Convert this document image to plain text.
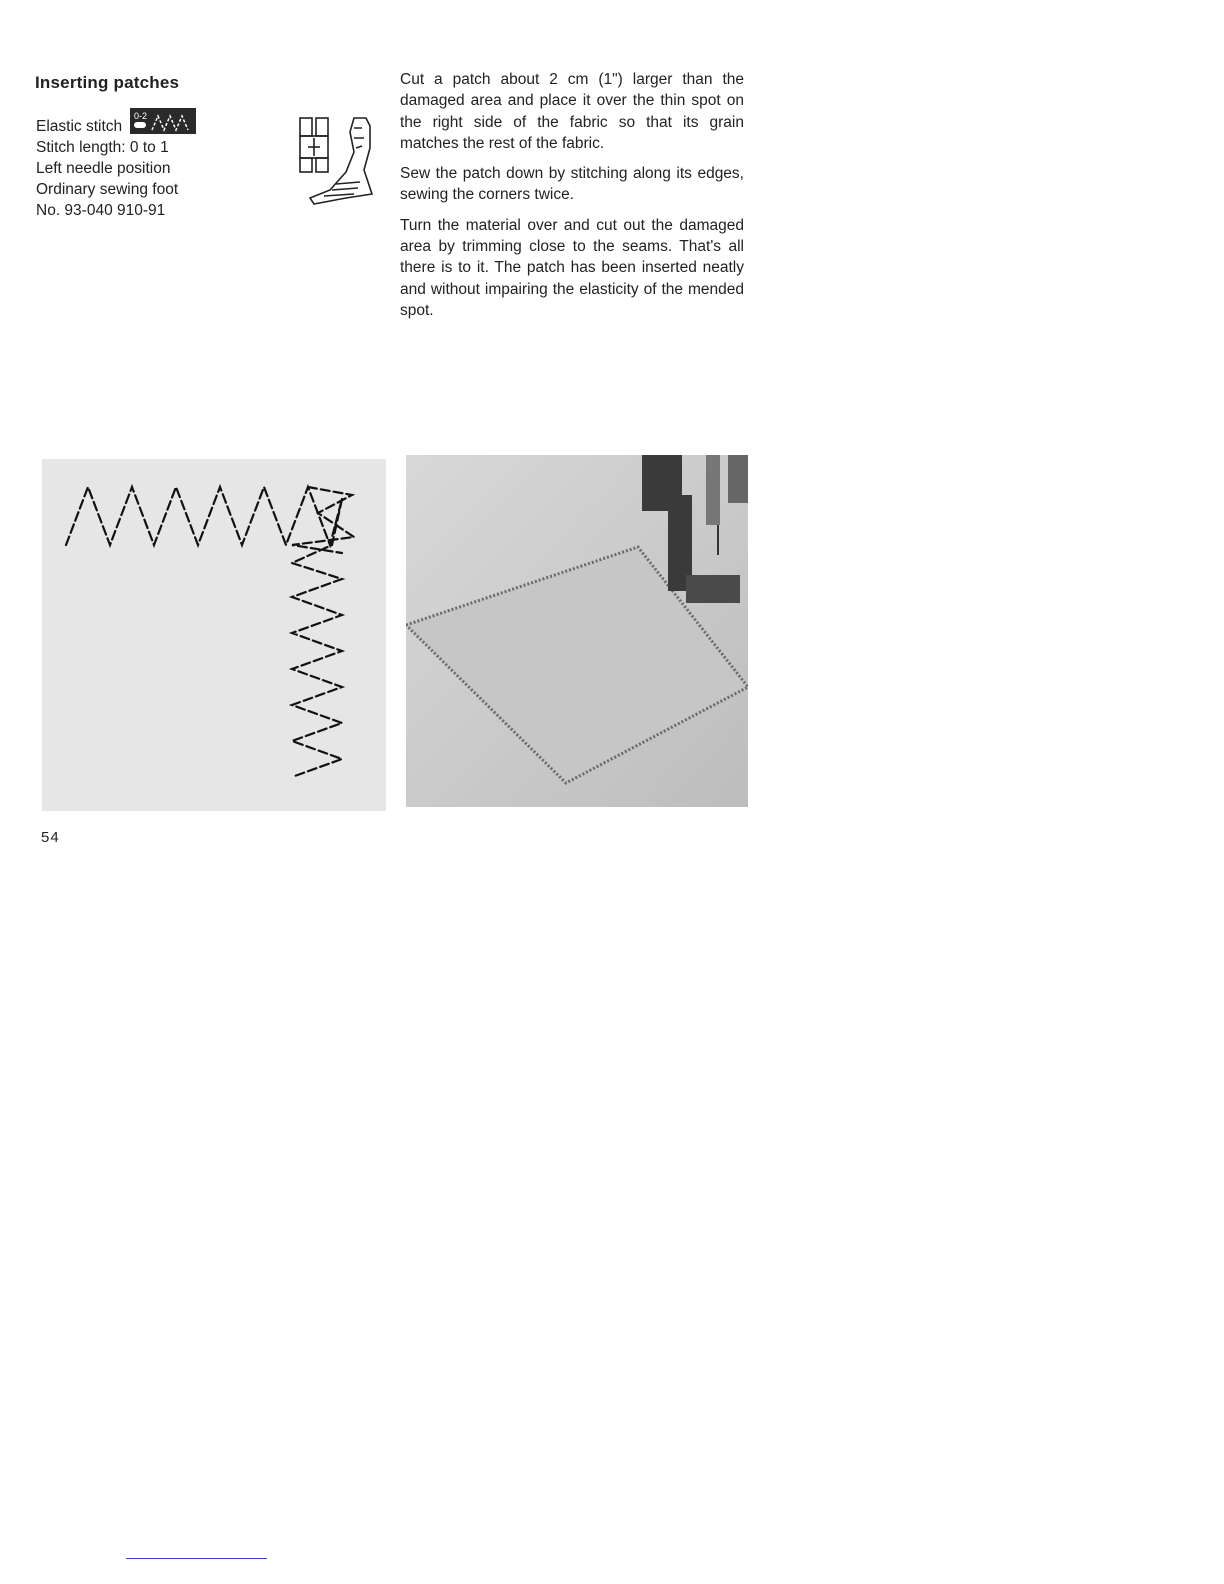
Inserting patches
Elastic stitch
0-2
Stitch length: 0 to 1
Left needle position
Ordinary sewing foot
No. 93-040 910-91

Cut a patch about 2 cm (1") larger than the damaged area and place it over the thin spot on the right side of the fabric so that its grain matches the rest of the fabric.

Sew the patch down by stitching along its edges, sewing the corners twice.

Turn the material over and cut out the damaged area by trimming close to the seams. That's all there is to it. The patch has been inserted neatly and without impairing the elasticity of the mended spot.

54
